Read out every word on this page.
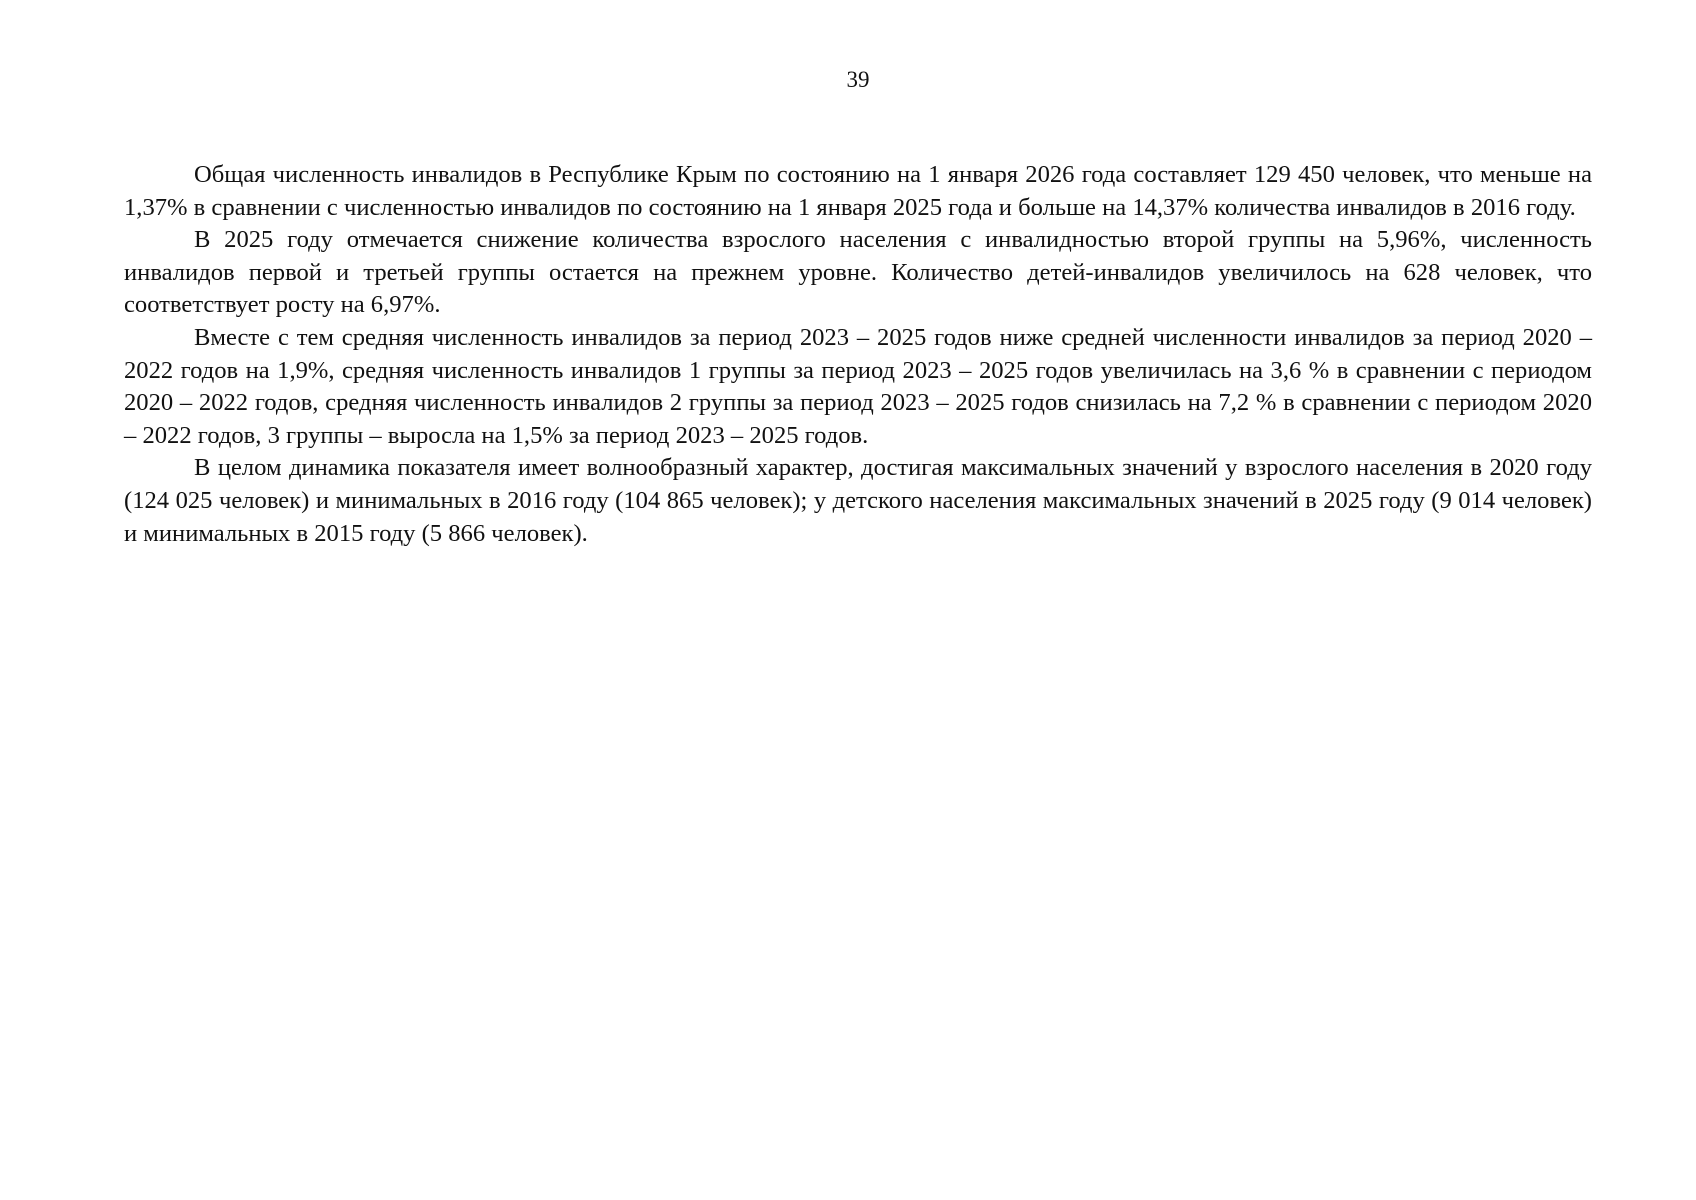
39

Общая численность инвалидов в Республике Крым по состоянию на 1 января 2026 года составляет 129 450 человек, что меньше на 1,37% в сравнении с численностью инвалидов по состоянию на 1 января 2025 года и больше на 14,37% количества инвалидов в 2016 году.

В 2025 году отмечается снижение количества взрослого населения с инвалидностью второй группы на 5,96%, численность инвалидов первой и третьей группы остается на прежнем уровне. Количество детей-инвалидов увеличилось на 628 человек, что соответствует росту на 6,97%.

Вместе с тем средняя численность инвалидов за период 2023 – 2025 годов ниже средней численности инвалидов за период 2020 – 2022 годов на 1,9%, средняя численность инвалидов 1 группы за период 2023 – 2025 годов увеличилась на 3,6 % в сравнении с периодом 2020 – 2022 годов, средняя численность инвалидов 2 группы за период 2023 – 2025 годов снизилась на 7,2 % в сравнении с периодом 2020 – 2022 годов, 3 группы – выросла на 1,5% за период 2023 – 2025 годов.

В целом динамика показателя имеет волнообразный характер, достигая максимальных значений у взрослого населения в 2020 году (124 025 человек) и минимальных в 2016 году (104 865 человек); у детского населения максимальных значений в 2025 году (9 014 человек) и минимальных в 2015 году (5 866 человек).
